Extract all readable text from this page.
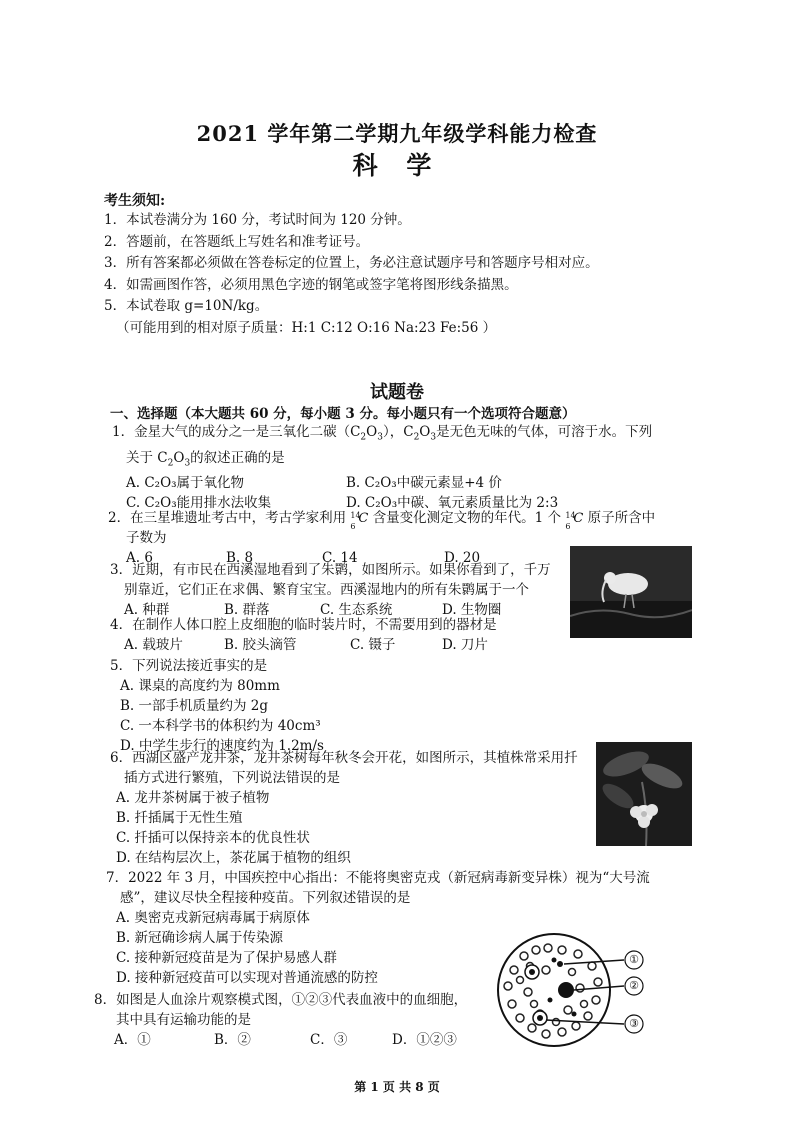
2021 学年第二学期九年级学科能力检查
科 学
考生须知:
1．本试卷满分为 160 分，考试时间为 120 分钟。
2．答题前，在答题纸上写姓名和准考证号。
3．所有答案都必须做在答卷标定的位置上，务必注意试题序号和答题序号相对应。
4．如需画图作答，必须用黑色字迹的钢笔或签字笔将图形线条描黑。
5．本试卷取 g=10N/kg。
（可能用到的相对原子质量：H:1 C:12 O:16 Na:23 Fe:56 ）
试题卷
一、选择题（本大题共 60 分，每小题 3 分。每小题只有一个选项符合题意）
1．金星大气的成分之一是三氧化二碳$(C_2O_3)$，$C_2O_3$是无色无味的气体，可溶于水。下列
关于 $C_2O_3$的叙述正确的是
A. C₂O₃属于氧化物	B. C₂O₃中碳元素显+4 价
C. C₂O₃能用排水法收集	D. C₂O₃中碳、氧元素质量比为 2:3
2．在三星堆遗址考古中，考古学家利用 14
6
C 含量变化测定文物的年代。1 个 14
6
C 原子所含中
子数为
A. 6	B. 8	C. 14	D. 20
3．近期，有市民在西溪湿地看到了朱鹮，如图所示。如果你看到了，千万
别靠近，它们正在求偶、繁育宝宝。西溪湿地内的所有朱鹮属于一个
A. 种群	B. 群落	C. 生态系统	D. 生物圈
4．在制作人体口腔上皮细胞的临时装片时，不需要用到的器材是
A. 载玻片	B. 胶头滴管	C. 镊子	D. 刀片
5．下列说法接近事实的是
A. 课桌的高度约为 80mm
B. 一部手机质量约为 2g
C. 一本科学书的体积约为 40cm³
D. 中学生步行的速度约为 1.2m/s
6．西湖区盛产龙井茶，龙井茶树每年秋冬会开花，如图所示，其植株常采用扦
插方式进行繁殖，下列说法错误的是
A. 龙井茶树属于被子植物
B. 扦插属于无性生殖
C. 扦插可以保持亲本的优良性状
D. 在结构层次上，茶花属于植物的组织
7．2022 年 3 月，中国疾控中心指出：不能将奥密克戎（新冠病毒新变异株）视为“大号流
感”，建议尽快全程接种疫苗。下列叙述错误的是
A. 奥密克戎新冠病毒属于病原体
B. 新冠确诊病人属于传染源
C. 接种新冠疫苗是为了保护易感人群
D. 接种新冠疫苗可以实现对普通流感的防控
8．如图是人血涂片观察模式图，①②③代表血液中的血细胞，
其中具有运输功能的是
A．①	B．②	C．③	D．①②③
①
②
③
第 1 页 共 8 页
